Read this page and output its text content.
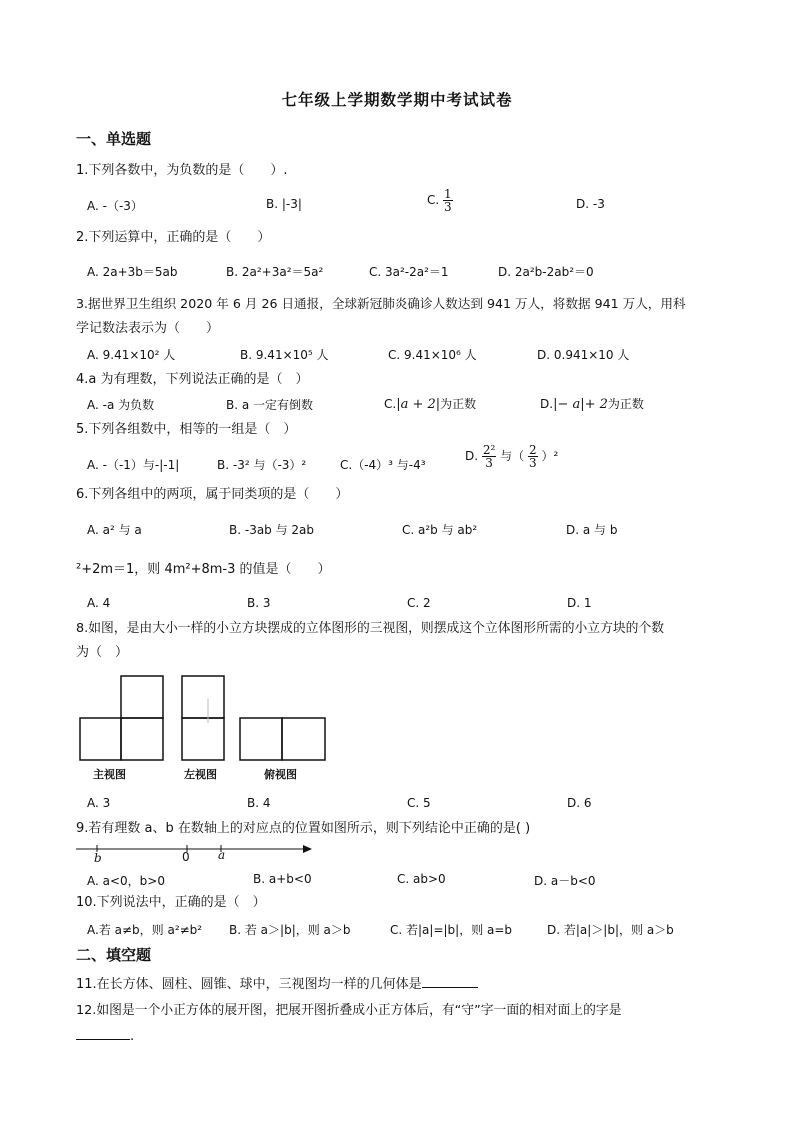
七年级上学期数学期中考试试卷
一、单选题
1.下列各数中，为负数的是（　　）.
A. -（-3）	B. |-3|	C. $\frac{1}{3}$	D. -3
2.下列运算中，正确的是（　　）
A. 2a+3b＝5ab	B. 2a²+3a²＝5a²	C. 3a²-2a²＝1	D. 2a²b-2ab²＝0
3.据世界卫生组织 2020 年 6 月 26 日通报，全球新冠肺炎确诊人数达到 941 万人，将数据 941 万人，用科
学记数法表示为（　　）
A. 9.41×10² 人	B. 9.41×10⁵ 人	C. 9.41×10⁶ 人	D. 0.941×10 人
4.a 为有理数，下列说法正确的是（　）
A. -a 为负数	B. a 一定有倒数	C.|a + 2|为正数	D.|− a|+ 2为正数
5.下列各组数中，相等的一组是（　）
A. -（-1）与-|-1|	B. -3² 与（-3）²	C.（-4）³ 与-4³
D. $\frac{\text{2²}}{3}$ 与（ $\frac{2}{3} )^2$
6.下列各组中的两项，属于同类项的是（　　）
A. a² 与 a	B. -3ab 与 2ab	C. a²b 与 ab²	D. a 与 b
²+2m＝1，则 4m²+8m-3 的值是（　　）
A. 4	B. 3	C. 2	D. 1
8.如图，是由大小一样的小立方块摆成的立体图形的三视图，则摆成这个立体图形所需的小立方块的个数
为（　）
主视图	左视图	俯视图
A. 3	B. 4	C. 5	D. 6
9.若有理数 a、b 在数轴上的对应点的位置如图所示，则下列结论中正确的是( )
b	0 a
A. a<0，b>0	B. a+b<0	C. ab>0	D. a－b<0
10.下列说法中，正确的是（　）
A.若 a≠b，则 a²≠b² B. 若 a＞|b|，则 a＞b	C. 若|a|=|b|，则 a=b	D. 若|a|＞|b|，则 a＞b
二、填空题
11.在长方体、圆柱、圆锥、球中，三视图均一样的几何体是
12.如图是一个小正方体的展开图，把展开图折叠成小正方体后，有“守”字一面的相对面上的字是
.
